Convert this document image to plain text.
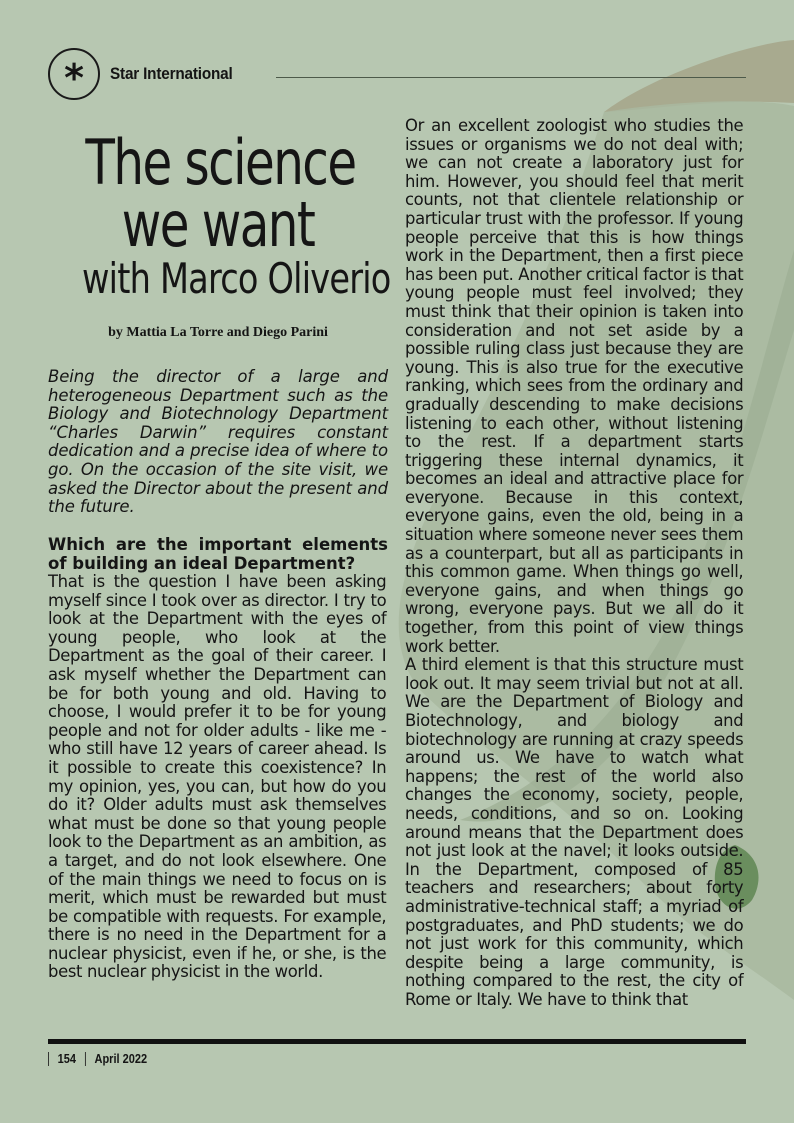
* Star International
The science
we want
with Marco Oliverio
by Mattia La Torre and Diego Parini
Being the director of a large and heterogeneous Department such as the Biology and Biotechnology Department “Charles Darwin” requires constant dedication and a precise idea of where to go. On the occasion of the site visit, we asked the Director about the present and the future.
Which are the important elements of building an ideal Department?

That is the question I have been asking myself since I took over as director. I try to look at the Department with the eyes of young people, who look at the Department as the goal of their career. I ask myself whether the Department can be for both young and old. Having to choose, I would prefer it to be for young people and not for older adults - like me - who still have 12 years of career ahead. Is it possible to create this coexistence? In my opinion, yes, you can, but how do you do it? Older adults must ask themselves what must be done so that young people look to the Department as an ambition, as a target, and do not look elsewhere. One of the main things we need to focus on is merit, which must be rewarded but must be compatible with requests. For example, there is no need in the Department for a nuclear physicist, even if he, or she, is the best nuclear physicist in the world.

Or an excellent zoologist who studies the issues or organisms we do not deal with; we can not create a laboratory just for him. However, you should feel that merit counts, not that clientele relationship or particular trust with the professor. If young people perceive that this is how things work in the Department, then a first piece has been put. Another critical factor is that young people must feel involved; they must think that their opinion is taken into consideration and not set aside by a possible ruling class just because they are young. This is also true for the executive ranking, which sees from the ordinary and gradually descending to make decisions listening to each other, without listening to the rest. If a department starts triggering these internal dynamics, it becomes an ideal and attractive place for everyone. Because in this context, everyone gains, even the old, being in a situation where someone never sees them as a counterpart, but all as participants in this common game. When things go well, everyone gains, and when things go wrong, everyone pays. But we all do it together, from this point of view things work better.

A third element is that this structure must look out. It may seem trivial but not at all. We are the Department of Biology and Biotechnology, and biology and biotechnology are running at crazy speeds around us. We have to watch what happens; the rest of the world also changes the economy, society, people, needs, conditions, and so on. Looking around means that the Department does not just look at the navel; it looks outside. In the Department, composed of 85 teachers and researchers; about forty administrative-technical staff; a myriad of postgraduates, and PhD students; we do not just work for this community, which despite being a large community, is nothing compared to the rest, the city of Rome or Italy. We have to think that

154 April 2022
